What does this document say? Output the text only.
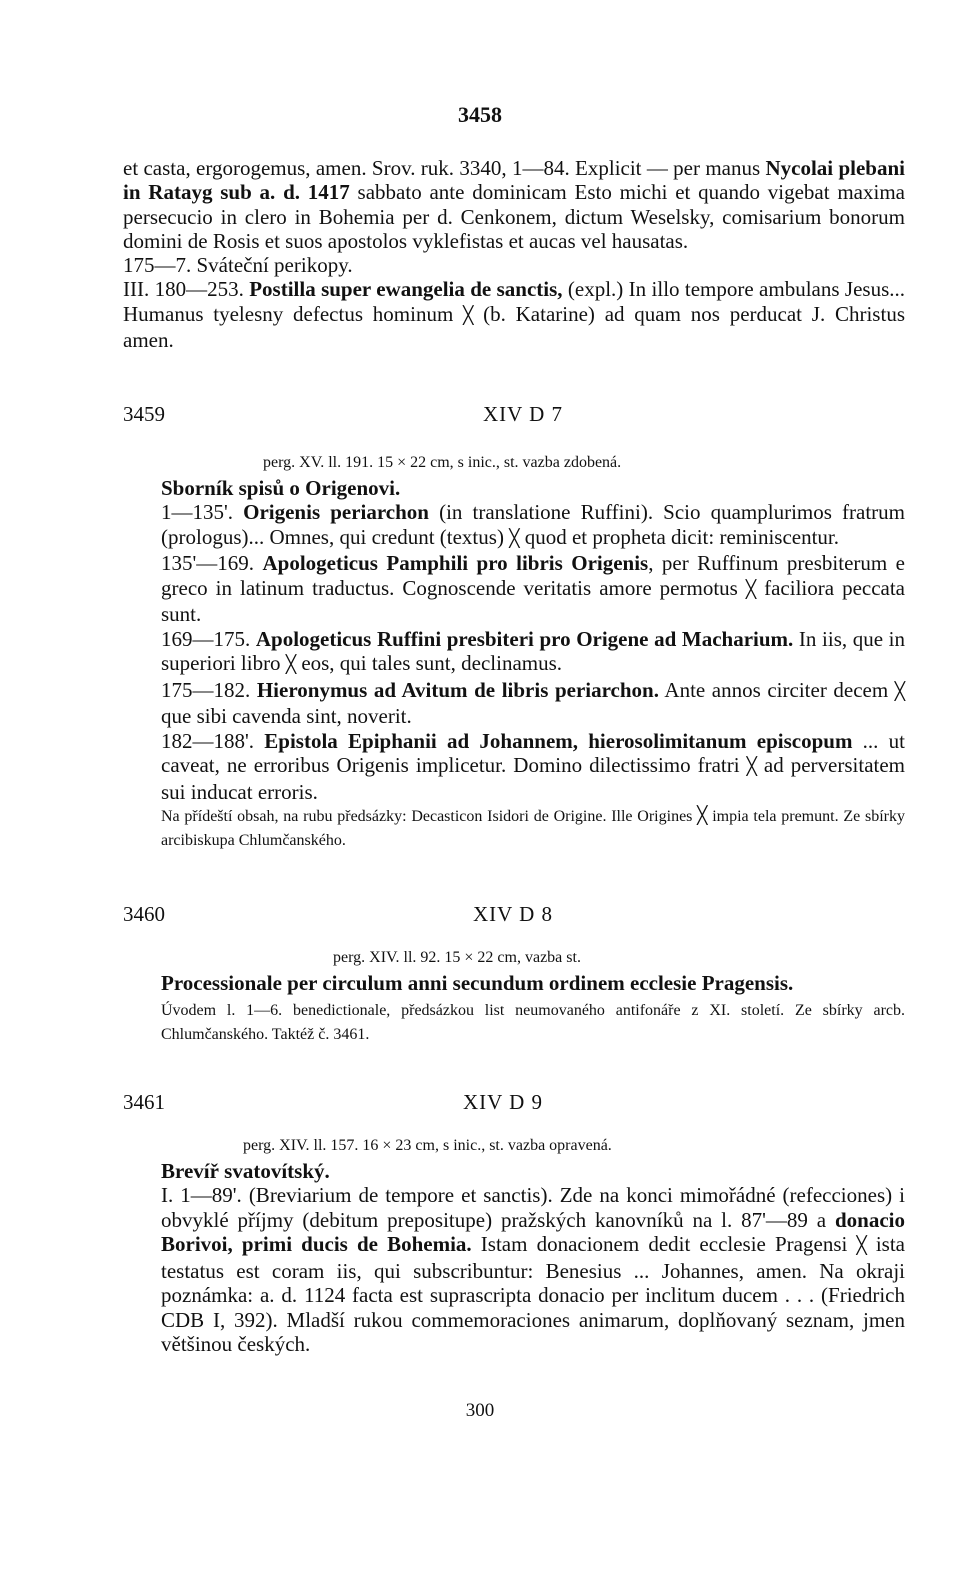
3458

et casta, ergorogemus, amen. Srov. ruk. 3340, 1—84. Explicit — per manus Nycolai plebani in Ratayg sub a. d. 1417 sabbato ante dominicam Esto michi et quando vigebat maxima persecucio in clero in Bohemia per d. Cenkonem, dictum Weselsky, comisarium bonorum domini de Rosis et suos apostolos vyklefistas et aucas vel hausatas.

175—7. Sváteční perikopy.

III. 180—253. Postilla super ewangelia de sanctis, (expl.) In illo tempore ambulans Jesus... Humanus tyelesny defectus hominum ╳ (b. Katarine) ad quam nos perducat J. Christus amen.

3459	XIV D 7

perg. XV. ll. 191. 15 × 22 cm, s inic., st. vazba zdobená.

Sborník spisů o Origenovi.

1—135'. Origenis periarchon (in translatione Ruffini). Scio quamplurimos fratrum (prologus)... Omnes, qui credunt (textus) ╳ quod et propheta dicit: reminiscentur.

135'—169. Apologeticus Pamphili pro libris Origenis, per Ruffinum presbiterum e greco in latinum traductus. Cognoscende veritatis amore permotus ╳ faciliora peccata sunt.

169—175. Apologeticus Ruffini presbiteri pro Origene ad Macharium. In iis, que in superiori libro ╳ eos, qui tales sunt, declinamus.

175—182. Hieronymus ad Avitum de libris periarchon. Ante annos circiter decem ╳ que sibi cavenda sint, noverit.

182—188'. Epistola Epiphanii ad Johannem, hierosolimitanum episcopum ... ut caveat, ne erroribus Origenis implicetur. Domino dilectissimo fratri ╳ ad perversitatem sui inducat erroris.

Na přídeští obsah, na rubu předsázky: Decasticon Isidori de Origine. Ille Origines ╳ impia tela premunt. Ze sbírky arcibiskupa Chlumčanského.

3460	XIV D 8

perg. XIV. ll. 92. 15 × 22 cm, vazba st.

Processionale per circulum anni secundum ordinem ecclesie Pragensis.

Úvodem l. 1—6. benedictionale, předsázkou list neumovaného antifonáře z XI. století. Ze sbírky arcb. Chlumčanského. Taktéž č. 3461.

3461	XIV D 9

perg. XIV. ll. 157. 16 × 23 cm, s inic., st. vazba opravená.

Brevíř svatovítský.

I. 1—89'. (Breviarium de tempore et sanctis). Zde na konci mimořádné (refecciones) i obvyklé příjmy (debitum preposituре) pražských kanovníků na l. 87'—89 a donacio Borivoi, primi ducis de Bohemia. Istam donacionem dedit ecclesie Pragensi ╳ ista testatus est coram iis, qui subscribuntur: Benesius ... Johannes, amen. Na okraji poznámka: a. d. 1124 facta est suprascripta donacio per inclitum ducem . . . (Friedrich CDB I, 392). Mladší rukou commemoraciones animarum, doplňovaný seznam, jmen většinou českých.

300
